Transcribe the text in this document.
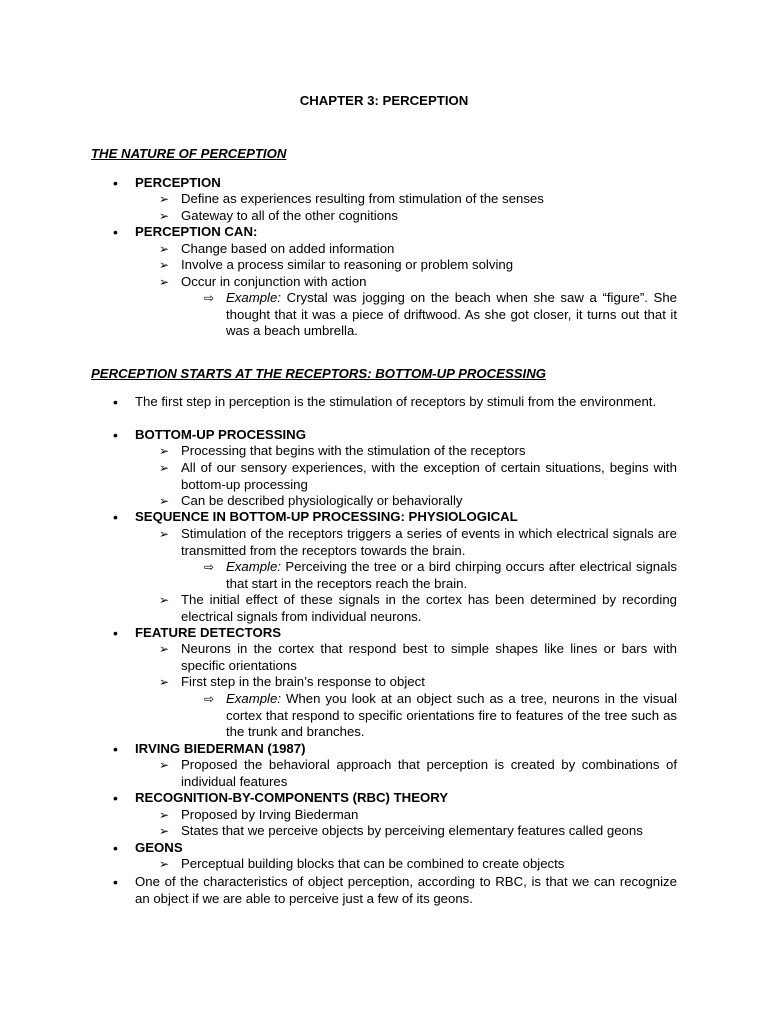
CHAPTER 3: PERCEPTION
THE NATURE OF PERCEPTION
• PERCEPTION
➢ Define as experiences resulting from stimulation of the senses
➢ Gateway to all of the other cognitions
• PERCEPTION CAN:
➢ Change based on added information
➢ Involve a process similar to reasoning or problem solving
➢ Occur in conjunction with action
⇨ Example: Crystal was jogging on the beach when she saw a “figure”. She thought that it was a piece of driftwood. As she got closer, it turns out that it was a beach umbrella.
PERCEPTION STARTS AT THE RECEPTORS: BOTTOM-UP PROCESSING
• The first step in perception is the stimulation of receptors by stimuli from the environment.
• BOTTOM-UP PROCESSING
➢ Processing that begins with the stimulation of the receptors
➢ All of our sensory experiences, with the exception of certain situations, begins with bottom-up processing
➢ Can be described physiologically or behaviorally
• SEQUENCE IN BOTTOM-UP PROCESSING: PHYSIOLOGICAL
➢ Stimulation of the receptors triggers a series of events in which electrical signals are transmitted from the receptors towards the brain.
⇨ Example: Perceiving the tree or a bird chirping occurs after electrical signals that start in the receptors reach the brain.
➢ The initial effect of these signals in the cortex has been determined by recording electrical signals from individual neurons.
• FEATURE DETECTORS
➢ Neurons in the cortex that respond best to simple shapes like lines or bars with specific orientations
➢ First step in the brain’s response to object
⇨ Example: When you look at an object such as a tree, neurons in the visual cortex that respond to specific orientations fire to features of the tree such as the trunk and branches.
• IRVING BIEDERMAN (1987)
➢ Proposed the behavioral approach that perception is created by combinations of individual features
• RECOGNITION-BY-COMPONENTS (RBC) THEORY
➢ Proposed by Irving Biederman
➢ States that we perceive objects by perceiving elementary features called geons
• GEONS
➢ Perceptual building blocks that can be combined to create objects
• One of the characteristics of object perception, according to RBC, is that we can recognize an object if we are able to perceive just a few of its geons.
